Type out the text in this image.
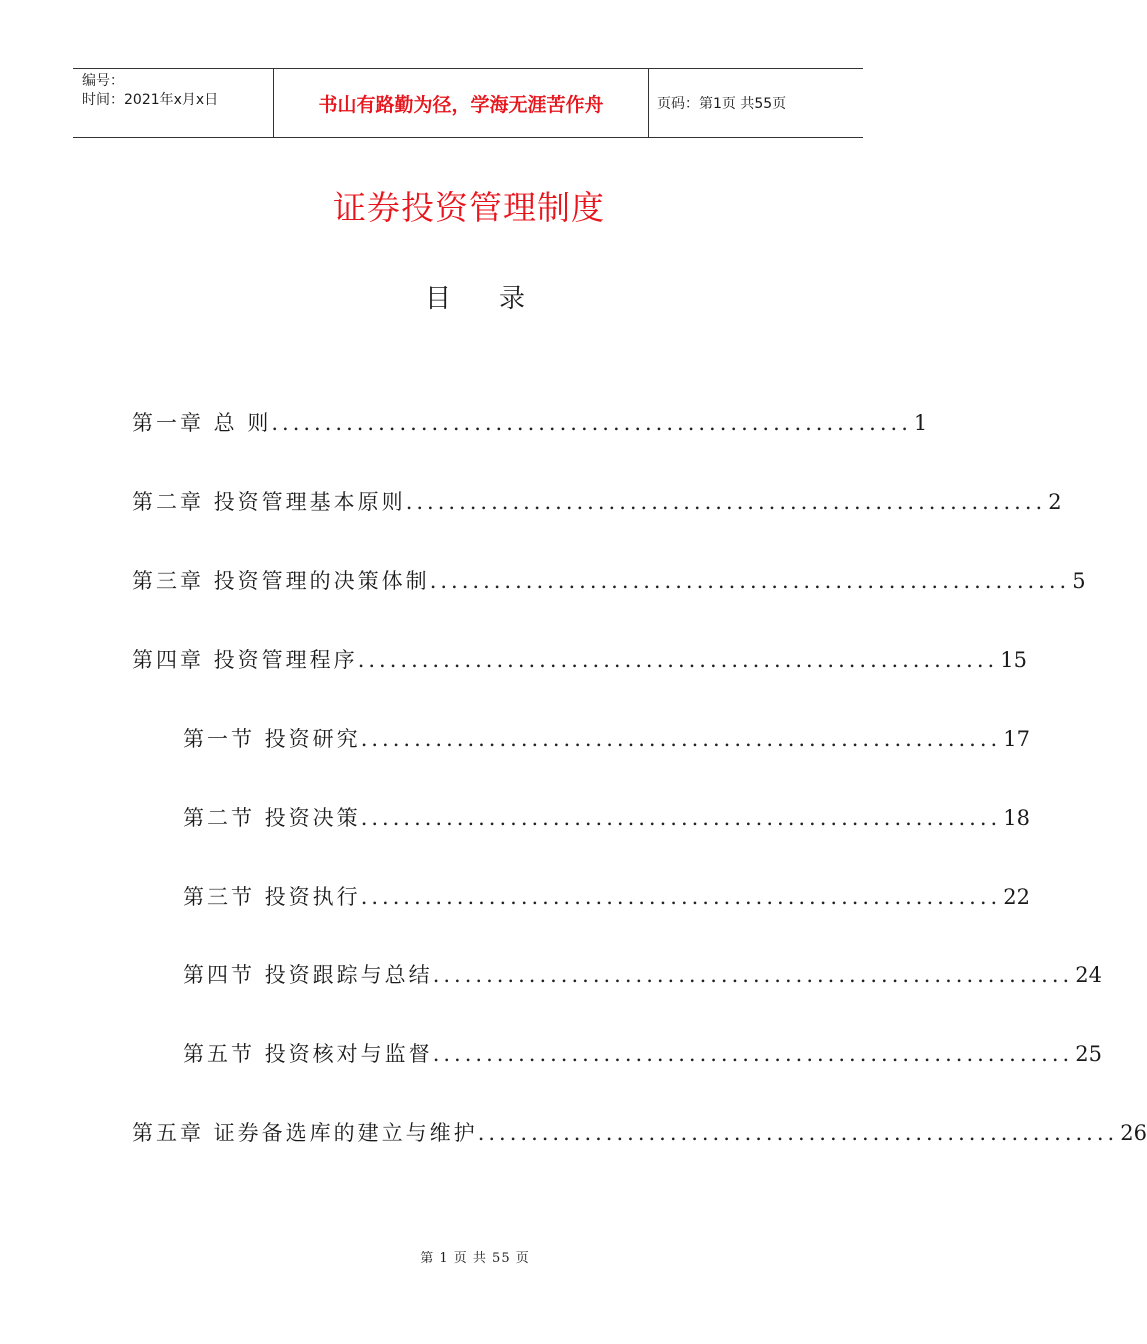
编号：
时间：2021年x月x日	书山有路勤为径，学海无涯苦作舟	页码：第1页 共55页
证券投资管理制度
目录
第一章 总 则 ............................................................ 1
第二章 投资管理基本原则 ............................................................ 2
第三章 投资管理的决策体制 ............................................................ 5
第四章 投资管理程序 ............................................................ 15
第一节 投资研究 ............................................................ 17
第二节 投资决策 ............................................................ 18
第三节 投资执行 ............................................................ 22
第四节 投资跟踪与总结 ............................................................ 24
第五节 投资核对与监督 ............................................................ 25
第五章 证券备选库的建立与维护 ............................................................ 26
第 1 页 共 55 页
